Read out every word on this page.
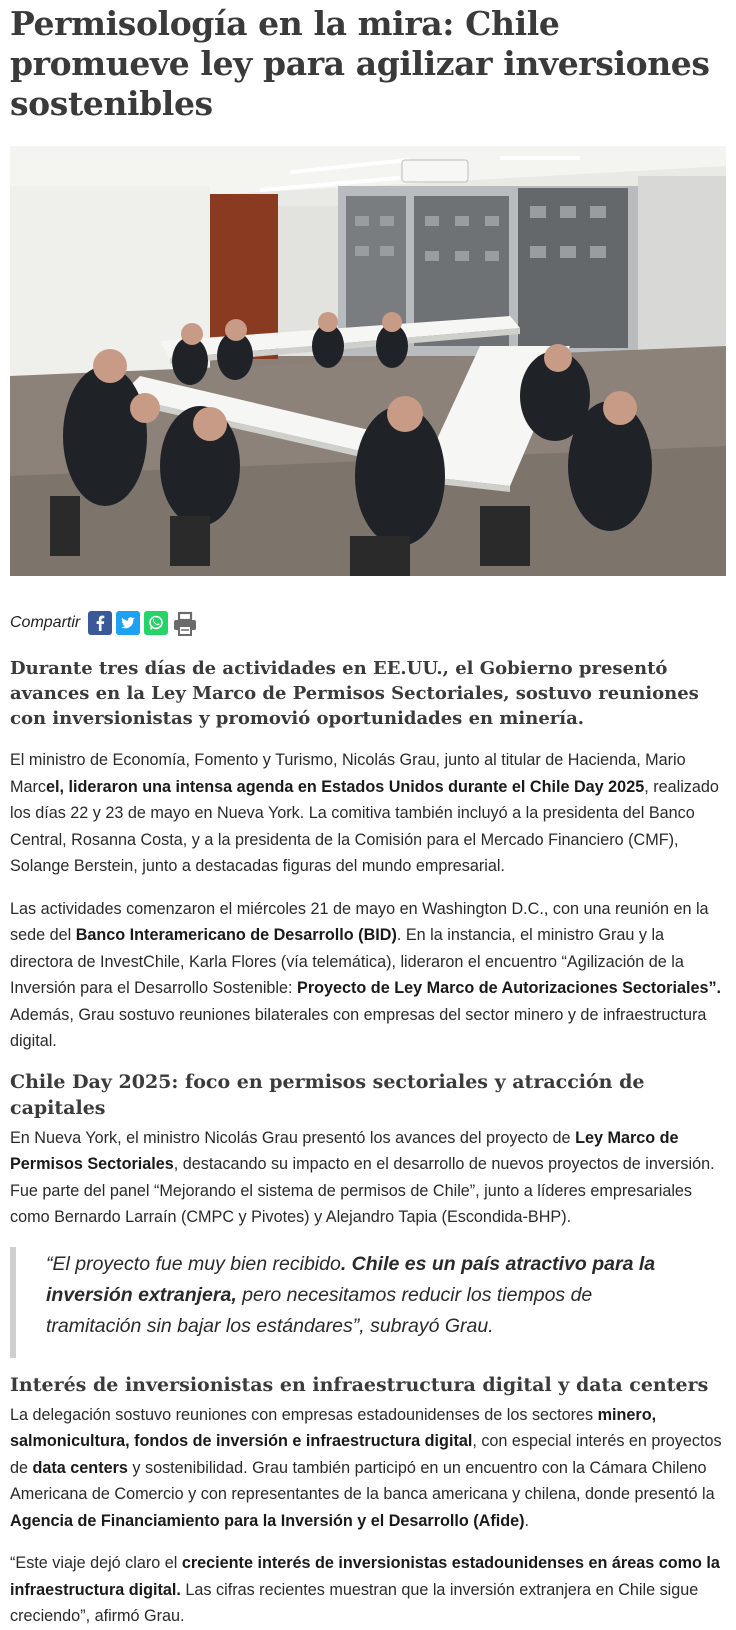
Permisología en la mira: Chile promueve ley para agilizar inversiones sostenibles
Compartir

Durante tres días de actividades en EE.UU., el Gobierno presentó avances en la Ley Marco de Permisos Sectoriales, sostuvo reuniones con inversionistas y promovió oportunidades en minería.

El ministro de Economía, Fomento y Turismo, Nicolás Grau, junto al titular de Hacienda, Mario Marcel, lideraron una intensa agenda en Estados Unidos durante el Chile Day 2025, realizado los días 22 y 23 de mayo en Nueva York. La comitiva también incluyó a la presidenta del Banco Central, Rosanna Costa, y a la presidenta de la Comisión para el Mercado Financiero (CMF), Solange Berstein, junto a destacadas figuras del mundo empresarial.

Las actividades comenzaron el miércoles 21 de mayo en Washington D.C., con una reunión en la sede del Banco Interamericano de Desarrollo (BID). En la instancia, el ministro Grau y la directora de InvestChile, Karla Flores (vía telemática), lideraron el encuentro “Agilización de la Inversión para el Desarrollo Sostenible: Proyecto de Ley Marco de Autorizaciones Sectoriales”. Además, Grau sostuvo reuniones bilaterales con empresas del sector minero y de infraestructura digital.

Chile Day 2025: foco en permisos sectoriales y atracción de capitales

En Nueva York, el ministro Nicolás Grau presentó los avances del proyecto de Ley Marco de Permisos Sectoriales, destacando su impacto en el desarrollo de nuevos proyectos de inversión. Fue parte del panel “Mejorando el sistema de permisos de Chile”, junto a líderes empresariales como Bernardo Larraín (CMPC y Pivotes) y Alejandro Tapia (Escondida-BHP).

“El proyecto fue muy bien recibido. Chile es un país atractivo para la inversión extranjera, pero necesitamos reducir los tiempos de tramitación sin bajar los estándares”, subrayó Grau.
Interés de inversionistas en infraestructura digital y data centers

La delegación sostuvo reuniones con empresas estadounidenses de los sectores minero, salmonicultura, fondos de inversión e infraestructura digital, con especial interés en proyectos de data centers y sostenibilidad. Grau también participó en un encuentro con la Cámara Chileno Americana de Comercio y con representantes de la banca americana y chilena, donde presentó la Agencia de Financiamiento para la Inversión y el Desarrollo (Afide).

“Este viaje dejó claro el creciente interés de inversionistas estadounidenses en áreas como la infraestructura digital. Las cifras recientes muestran que la inversión extranjera en Chile sigue creciendo”, afirmó Grau.
